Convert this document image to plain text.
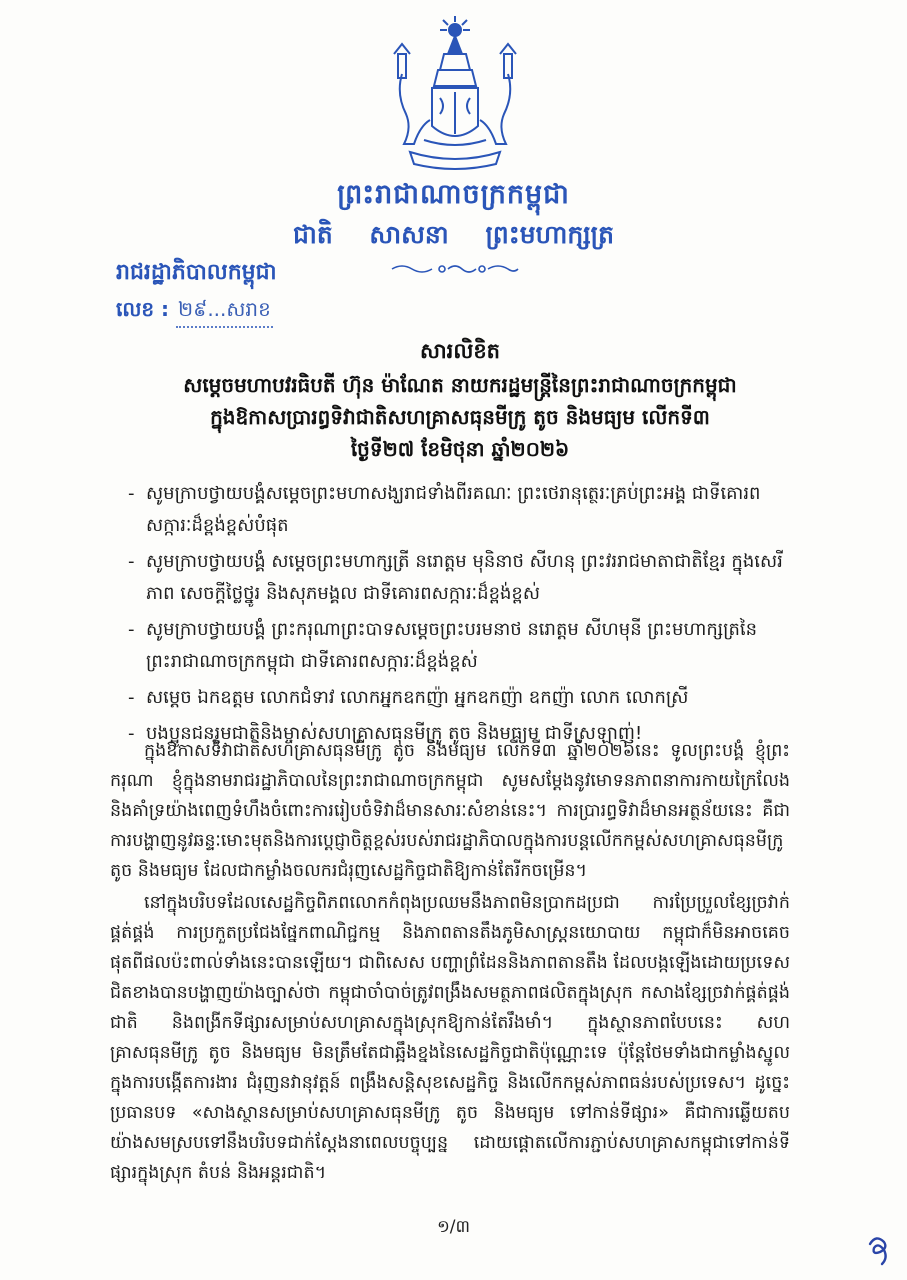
ព្រះរាជាណាចក្រកម្ពុជា
ជាតិ សាសនា ព្រះមហាក្សត្រ
រាជរដ្ឋាភិបាលកម្ពុជា
លេខ : ២៩...សរាខ
សារលិខិត
សម្តេចមហាបវរធិបតី ហ៊ុន ម៉ាណែត នាយករដ្ឋមន្ត្រីនៃព្រះរាជាណាចក្រកម្ពុជា
ក្នុងឱកាសប្រារព្ធទិវាជាតិសហគ្រាសធុនមីក្រូ តូច និងមធ្យម លើកទី៣
ថ្ងៃទី២៧ ខែមិថុនា ឆ្នាំ២០២៦
- សូមក្រាបថ្វាយបង្គំសម្តេចព្រះមហាសង្ឃរាជទាំងពីរគណៈ ព្រះថេរានុត្ថេរៈគ្រប់ព្រះអង្គ ជាទីគោរពសក្ការៈដ៏ខ្ពង់ខ្ពស់បំផុត
- សូមក្រាបថ្វាយបង្គំ សម្តេចព្រះមហាក្សត្រី នរោត្តម មុនិនាថ សីហនុ ព្រះវររាជមាតាជាតិខ្មែរ ក្នុងសេរីភាព សេចក្តីថ្លៃថ្នូរ និងសុភមង្គល ជាទីគោរពសក្ការៈដ៏ខ្ពង់ខ្ពស់
- សូមក្រាបថ្វាយបង្គំ ព្រះករុណាព្រះបាទសម្តេចព្រះបរមនាថ នរោត្តម សីហមុនី ព្រះមហាក្សត្រនៃព្រះរាជាណាចក្រកម្ពុជា ជាទីគោរពសក្ការៈដ៏ខ្ពង់ខ្ពស់
- សម្តេច ឯកឧត្តម លោកជំទាវ លោកអ្នកឧកញ៉ា អ្នកឧកញ៉ា ឧកញ៉ា លោក លោកស្រី
- បងប្អូនជនរួមជាតិនិងម្ចាស់សហគ្រាសធុនមីក្រូ តូច និងមធ្យម ជាទីស្រឡាញ់!

ក្នុងឱកាសទិវាជាតិសហគ្រាសធុនមីក្រូ តូច និងមធ្យម លើកទី៣ ឆ្នាំ២០២៦នេះ ទូលព្រះបង្គំ ខ្ញុំព្រះករុណា ខ្ញុំក្នុងនាមរាជរដ្ឋាភិបាលនៃព្រះរាជាណាចក្រកម្ពុជា សូមសម្តែងនូវមោទនភាពនាការកាយក្រៃលែង និងគាំទ្រយ៉ាងពេញទំហឹងចំពោះការរៀបចំទិវាដ៏មានសារៈសំខាន់នេះ។ ការប្រារព្ធទិវាដ៏មានអត្ថន័យនេះ គឺជាការបង្ហាញនូវឆន្ទៈមោះមុតនិងការប្តេជ្ញាចិត្តខ្ពស់របស់រាជរដ្ឋាភិបាលក្នុងការបន្តលើកកម្ពស់សហគ្រាសធុនមីក្រូ តូច និងមធ្យម ដែលជាកម្លាំងចលករជំរុញសេដ្ឋកិច្ចជាតិឱ្យកាន់តែរីកចម្រើន។

នៅក្នុងបរិបទដែលសេដ្ឋកិច្ចពិភពលោកកំពុងប្រឈមនឹងភាពមិនប្រាកដប្រជា ការប្រែប្រួលខ្សែច្រវាក់ផ្គត់ផ្គង់ ការប្រកួតប្រជែងផ្នែកពាណិជ្ជកម្ម និងភាពតានតឹងភូមិសាស្ត្រនយោបាយ កម្ពុជាក៏មិនអាចគេចផុតពីផលប៉ះពាល់ទាំងនេះបានឡើយ។ ជាពិសេស បញ្ហាព្រំដែននិងភាពតានតឹង ដែលបង្កឡើងដោយប្រទេសជិតខាងបានបង្ហាញយ៉ាងច្បាស់ថា កម្ពុជាចាំបាច់ត្រូវពង្រឹងសមត្ថភាពផលិតក្នុងស្រុក កសាងខ្សែច្រវាក់ផ្គត់ផ្គង់ជាតិ និងពង្រីកទីផ្សារសម្រាប់សហគ្រាសក្នុងស្រុកឱ្យកាន់តែរឹងមាំ។ ក្នុងស្ថានភាពបែបនេះ សហគ្រាសធុនមីក្រូ តូច និងមធ្យម មិនត្រឹមតែជាឆ្អឹងខ្នងនៃសេដ្ឋកិច្ចជាតិប៉ុណ្ណោះទេ ប៉ុន្តែថែមទាំងជាកម្លាំងស្នូលក្នុងការបង្កើតការងារ ជំរុញនវានុវត្តន៍ ពង្រឹងសន្តិសុខសេដ្ឋកិច្ច និងលើកកម្ពស់ភាពធន់របស់ប្រទេស។ ដូច្នេះ ប្រធានបទ «សាងស្ថានសម្រាប់សហគ្រាសធុនមីក្រូ តូច និងមធ្យម ទៅកាន់ទីផ្សារ» គឺជាការឆ្លើយតបយ៉ាងសមស្របទៅនឹងបរិបទជាក់ស្តែងនាពេលបច្ចុប្បន្ន ដោយផ្តោតលើការភ្ជាប់សហគ្រាសកម្ពុជាទៅកាន់ទីផ្សារក្នុងស្រុក តំបន់ និងអន្តរជាតិ។

១/៣
